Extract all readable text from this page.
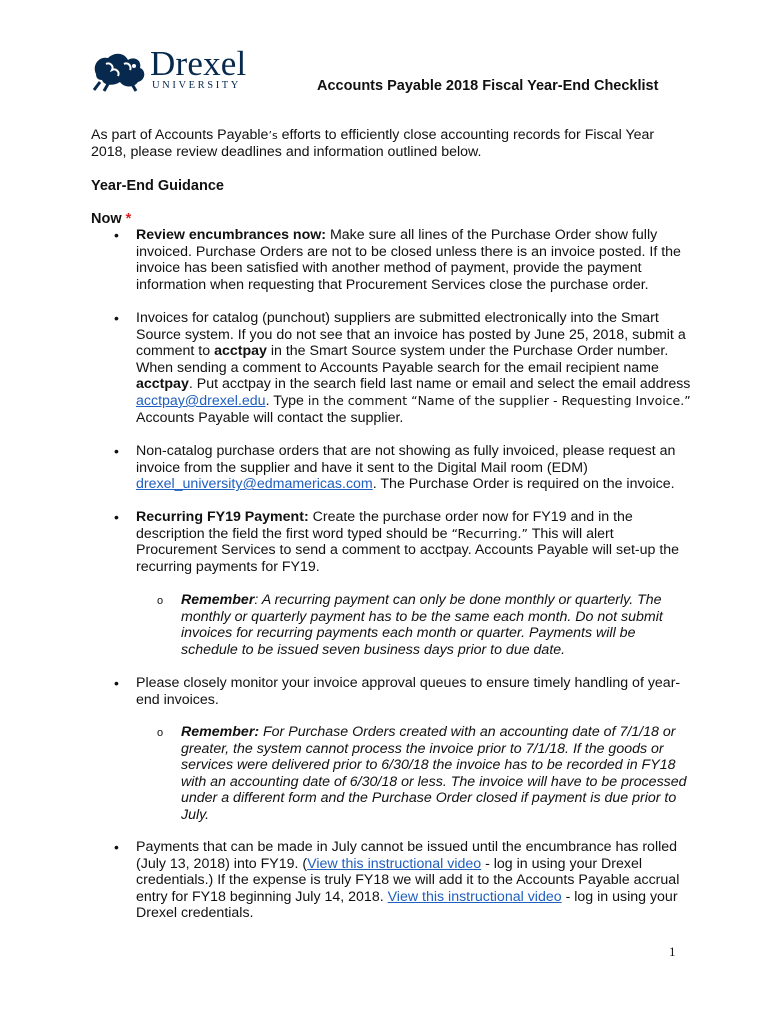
Drexel
UNIVERSITY	Accounts Payable 2018 Fiscal Year-End Checklist
As part of Accounts Payable’s efforts to efficiently close accounting records for Fiscal Year 2018, please review deadlines and information outlined below.
Year-End Guidance
Now *
• Review encumbrances now: Make sure all lines of the Purchase Order show fully invoiced. Purchase Orders are not to be closed unless there is an invoice posted. If the invoice has been satisfied with another method of payment, provide the payment information when requesting that Procurement Services close the purchase order.
• Invoices for catalog (punchout) suppliers are submitted electronically into the Smart Source system. If you do not see that an invoice has posted by June 25, 2018, submit a comment to acctpay in the Smart Source system under the Purchase Order number. When sending a comment to Accounts Payable search for the email recipient name acctpay. Put acctpay in the search field last name or email and select the email address acctpay@drexel.edu. Type in the comment “Name of the supplier - Requesting Invoice.” Accounts Payable will contact the supplier.
• Non-catalog purchase orders that are not showing as fully invoiced, please request an invoice from the supplier and have it sent to the Digital Mail room (EDM) drexel_university@edmamericas.com. The Purchase Order is required on the invoice.
• Recurring FY19 Payment: Create the purchase order now for FY19 and in the description the field the first word typed should be “Recurring.” This will alert Procurement Services to send a comment to acctpay. Accounts Payable will set-up the recurring payments for FY19.
o Remember: A recurring payment can only be done monthly or quarterly. The monthly or quarterly payment has to be the same each month. Do not submit invoices for recurring payments each month or quarter. Payments will be schedule to be issued seven business days prior to due date.
• Please closely monitor your invoice approval queues to ensure timely handling of year-end invoices.
o Remember: For Purchase Orders created with an accounting date of 7/1/18 or greater, the system cannot process the invoice prior to 7/1/18. If the goods or services were delivered prior to 6/30/18 the invoice has to be recorded in FY18 with an accounting date of 6/30/18 or less. The invoice will have to be processed under a different form and the Purchase Order closed if payment is due prior to July.
• Payments that can be made in July cannot be issued until the encumbrance has rolled (July 13, 2018) into FY19. (View this instructional video - log in using your Drexel credentials.) If the expense is truly FY18 we will add it to the Accounts Payable accrual entry for FY18 beginning July 14, 2018. View this instructional video - log in using your Drexel credentials.
1
